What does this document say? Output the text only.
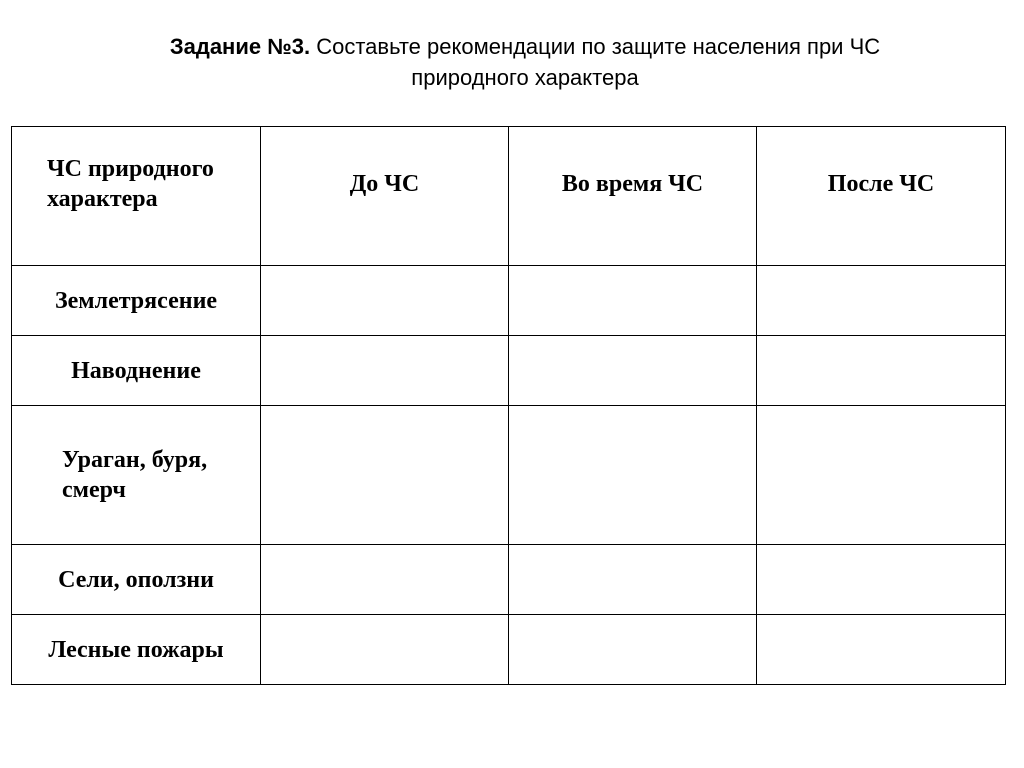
Задание №3. Составьте рекомендации по защите населения при ЧС
природного характера
ЧС природного характера	До ЧС	Во время ЧС	После ЧС

Землетрясение			

Наводнение			

Ураган, буря, смерч			

Сели, оползни			

Лесные пожары			
